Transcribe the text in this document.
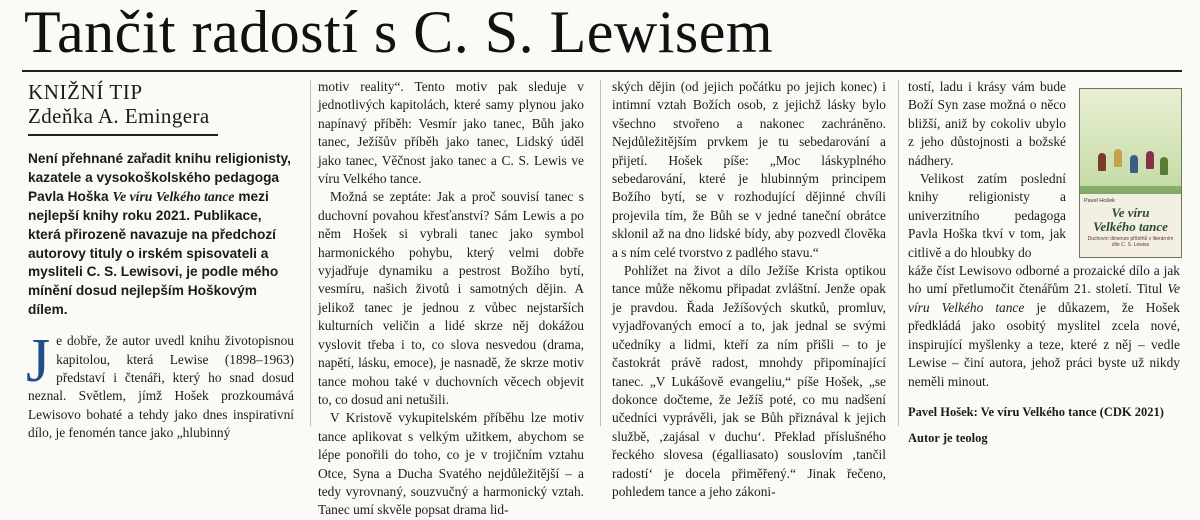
Tančit radostí s C. S. Lewisem
KNIŽNÍ TIP
Zdeňka A. Emingera
Není přehnané zařadit knihu religionisty, kazatele a vysokoškolského pedagoga Pavla Hoška Ve víru Velkého tance mezi nejlepší knihy roku 2021. Publikace, která přirozeně navazuje na předchozí autorovy tituly o irském spisovateli a mysliteli C. S. Lewisovi, je podle mého mínění dosud nejlepším Hoškovým dílem.
Je dobře, že autor uvedl knihu životopisnou kapitolou, která Lewise (1898–1963) představí i čtenáři, který ho snad dosud neznal. Světlem, jímž Hošek prozkoumává Lewisovo bohaté a tehdy jako dnes inspirativní dílo, je fenomén tance jako „hlubinný

motiv reality“. Tento motiv pak sleduje v jednotlivých kapitolách, které samy plynou jako napínavý příběh: Vesmír jako tanec, Bůh jako tanec, Ježíšův příběh jako tanec, Lidský úděl jako tanec, Věčnost jako tanec a C. S. Lewis ve víru Velkého tance.

Možná se zeptáte: Jak a proč souvisí tanec s duchovní povahou křesťanství? Sám Lewis a po něm Hošek si vybrali tanec jako symbol harmonického pohybu, který velmi dobře vyjadřuje dynamiku a pestrost Božího bytí, vesmíru, našich životů i samotných dějin. A jelikož tanec je jednou z vůbec nejstarších kulturních veličin a lidé skrze něj dokážou vyslovit třeba i to, co slova nesvedou (drama, napětí, lásku, emoce), je nasnadě, že skrze motiv tance mohou také v duchovních věcech objevit to, co dosud ani netušili.

V Kristově vykupitelském příběhu lze motiv tance aplikovat s velkým užitkem, abychom se lépe ponořili do toho, co je v trojičním vztahu Otce, Syna a Ducha Svatého nejdůležitější – a tedy vyrovnaný, souzvučný a harmonický vztah. Tanec umí skvěle popsat drama lid-

ských dějin (od jejich počátku po jejich konec) i intimní vztah Božích osob, z jejichž lásky bylo všechno stvořeno a nakonec zachráněno. Nejdůležitějším prvkem je tu sebedarování a přijetí. Hošek píše: „Moc láskyplného sebedarování, které je hlubinným principem Božího bytí, se v rozhodující dějinné chvíli projevila tím, že Bůh se v jedné taneční obrátce sklonil až na dno lidské bídy, aby pozvedl člověka a s ním celé tvorstvo z padlého stavu.“

Pohlížet na život a dílo Ježíše Krista optikou tance může někomu připadat zvláštní. Jenže opak je pravdou. Řada Ježíšových skutků, promluv, vyjadřovaných emocí a to, jak jednal se svými učedníky a lidmi, kteří za ním přišli – to je častokrát právě radost, mnohdy připomínající tanec. „V Lukášově evangeliu,“ píše Hošek, „se dokonce dočteme, že Ježíš poté, co mu nadšení učedníci vyprávěli, jak se Bůh přiznával k jejich službě, ‚zajásal v duchu‘. Překlad příslušného řeckého slovesa (égalliasato) souslovím ‚tančil radostí‘ je docela přiměřený.“ Jinak řečeno, pohledem tance a jeho zákoni-

tostí, ladu i krásy vám bude Boží Syn zase možná o něco bližší, aniž by cokoliv ubylo z jeho důstojnosti a božské nádhery.

Velikost zatím poslední knihy religionisty a univerzitního pedagoga Pavla Hoška tkví v tom, jak citlivě a do hloubky do

káže číst Lewisovo odborné a prozaické dílo a jak ho umí přetlumočit čtenářům 21. století. Titul Ve víru Velkého tance je důkazem, že Hošek předkládá jako osobitý myslitel zcela nové, inspirující myšlenky a teze, které z něj – vedle Lewise – činí autora, jehož práci byste už nikdy neměli minout.

Pavel Hošek: Ve víru Velkého tance (CDK 2021)
Autor je teolog
Pavel Hošek
Ve víru
Velkého tance
Duchovní dimenze příběhů v literárním díle C. S. Lewise
